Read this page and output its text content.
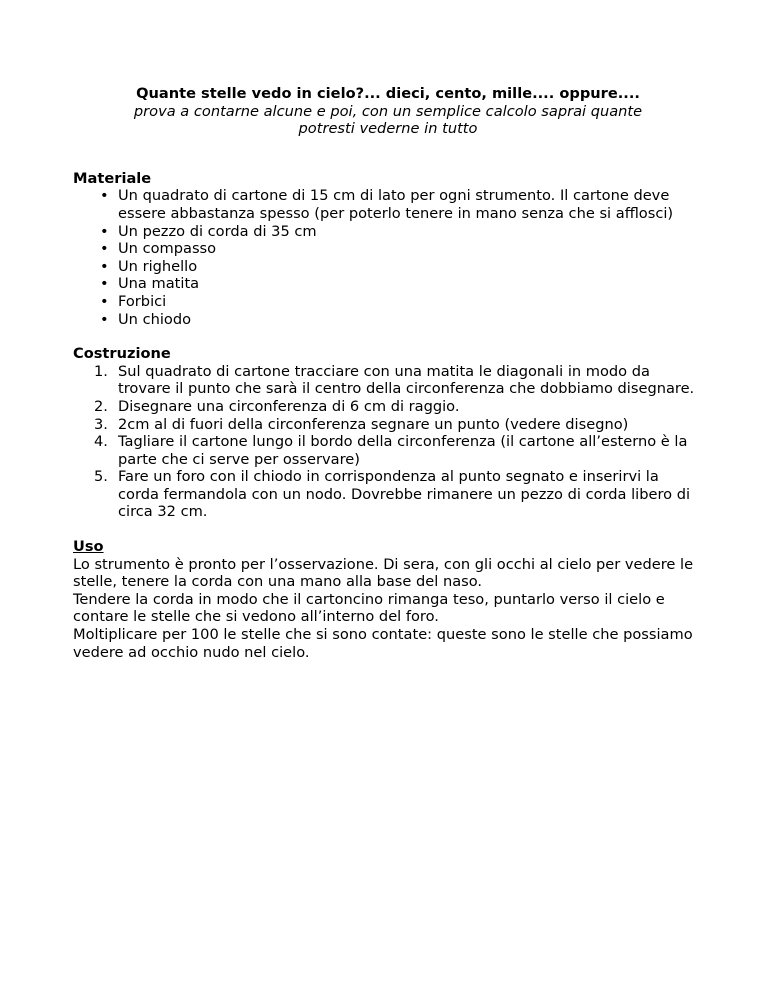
Quante stelle vedo in cielo?... dieci, cento, mille.... oppure....
prova a contarne alcune e poi, con un semplice calcolo saprai quante potresti vederne in tutto
Materiale
• Un quadrato di cartone di 15 cm di lato per ogni strumento. Il cartone deve essere abbastanza spesso (per poterlo tenere in mano senza che si afflosci)
• Un pezzo di corda di 35 cm
• Un compasso
• Un righello
• Una matita
• Forbici
• Un chiodo
Costruzione
1. Sul quadrato di cartone tracciare con una matita le diagonali in modo da trovare il punto che sarà il centro della circonferenza che dobbiamo disegnare.
2. Disegnare una circonferenza di 6 cm di raggio.
3. 2cm al di fuori della circonferenza segnare un punto (vedere disegno)
4. Tagliare il cartone lungo il bordo della circonferenza (il cartone all’esterno è la parte che ci serve per osservare)
5. Fare un foro con il chiodo in corrispondenza al punto segnato e inserirvi la corda fermandola con un nodo. Dovrebbe rimanere un pezzo di corda libero di circa 32 cm.
Uso
Lo strumento è pronto per l’osservazione. Di sera, con gli occhi al cielo per vedere le stelle, tenere la corda con una mano alla base del naso.
Tendere la corda in modo che il cartoncino rimanga teso, puntarlo verso il cielo e contare le stelle che si vedono all’interno del foro.
Moltiplicare per 100 le stelle che si sono contate: queste sono le stelle che possiamo vedere ad occhio nudo nel cielo.
